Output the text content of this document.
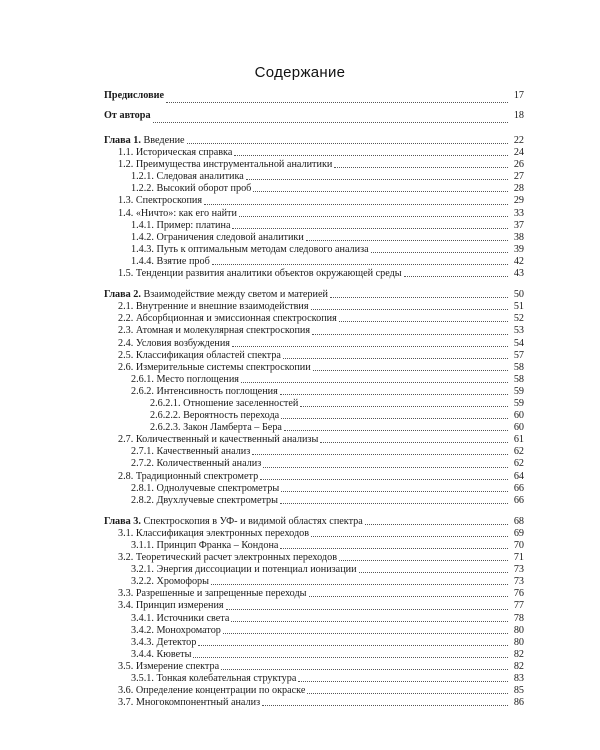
Содержание
Предисловие	17
От автора	18
Глава 1. Введение	22
1.1. Историческая справка	24
1.2. Преимущества инструментальной аналитики	26
1.2.1. Следовая аналитика	27
1.2.2. Высокий оборот проб	28
1.3. Спектроскопия	29
1.4. «Ничто»: как его найти	33
1.4.1. Пример: платина	37
1.4.2. Ограничения следовой аналитики	38
1.4.3. Путь к оптимальным методам следового анализа	39
1.4.4. Взятие проб	42
1.5. Тенденции развития аналитики объектов окружающей среды	43
Глава 2. Взаимодействие между светом и материей	50
2.1. Внутренние и внешние взаимодействия	51
2.2. Абсорбционная и эмиссионная спектроскопия	52
2.3. Атомная и молекулярная спектроскопия	53
2.4. Условия возбуждения	54
2.5. Классификация областей спектра	57
2.6. Измерительные системы спектроскопии	58
2.6.1. Место поглощения	58
2.6.2. Интенсивность поглощения	59
2.6.2.1. Отношение заселенностей	59
2.6.2.2. Вероятность перехода	60
2.6.2.3. Закон Ламберта – Бера	60
2.7. Количественный и качественный анализы	61
2.7.1. Качественный анализ	62
2.7.2. Количественный анализ	62
2.8. Традиционный спектрометр	64
2.8.1. Однолучевые спектрометры	66
2.8.2. Двухлучевые спектрометры	66
Глава 3. Спектроскопия в УФ- и видимой областях спектра	68
3.1. Классификация электронных переходов	69
3.1.1. Принцип Франка – Кондона	70
3.2. Теоретический расчет электронных переходов	71
3.2.1. Энергия диссоциации и потенциал ионизации	73
3.2.2. Хромофоры	73
3.3. Разрешенные и запрещенные переходы	76
3.4. Принцип измерения	77
3.4.1. Источники света	78
3.4.2. Монохроматор	80
3.4.3. Детектор	80
3.4.4. Кюветы	82
3.5. Измерение спектра	82
3.5.1. Тонкая колебательная структура	83
3.6. Определение концентрации по окраске	85
3.7. Многокомпонентный анализ	86
